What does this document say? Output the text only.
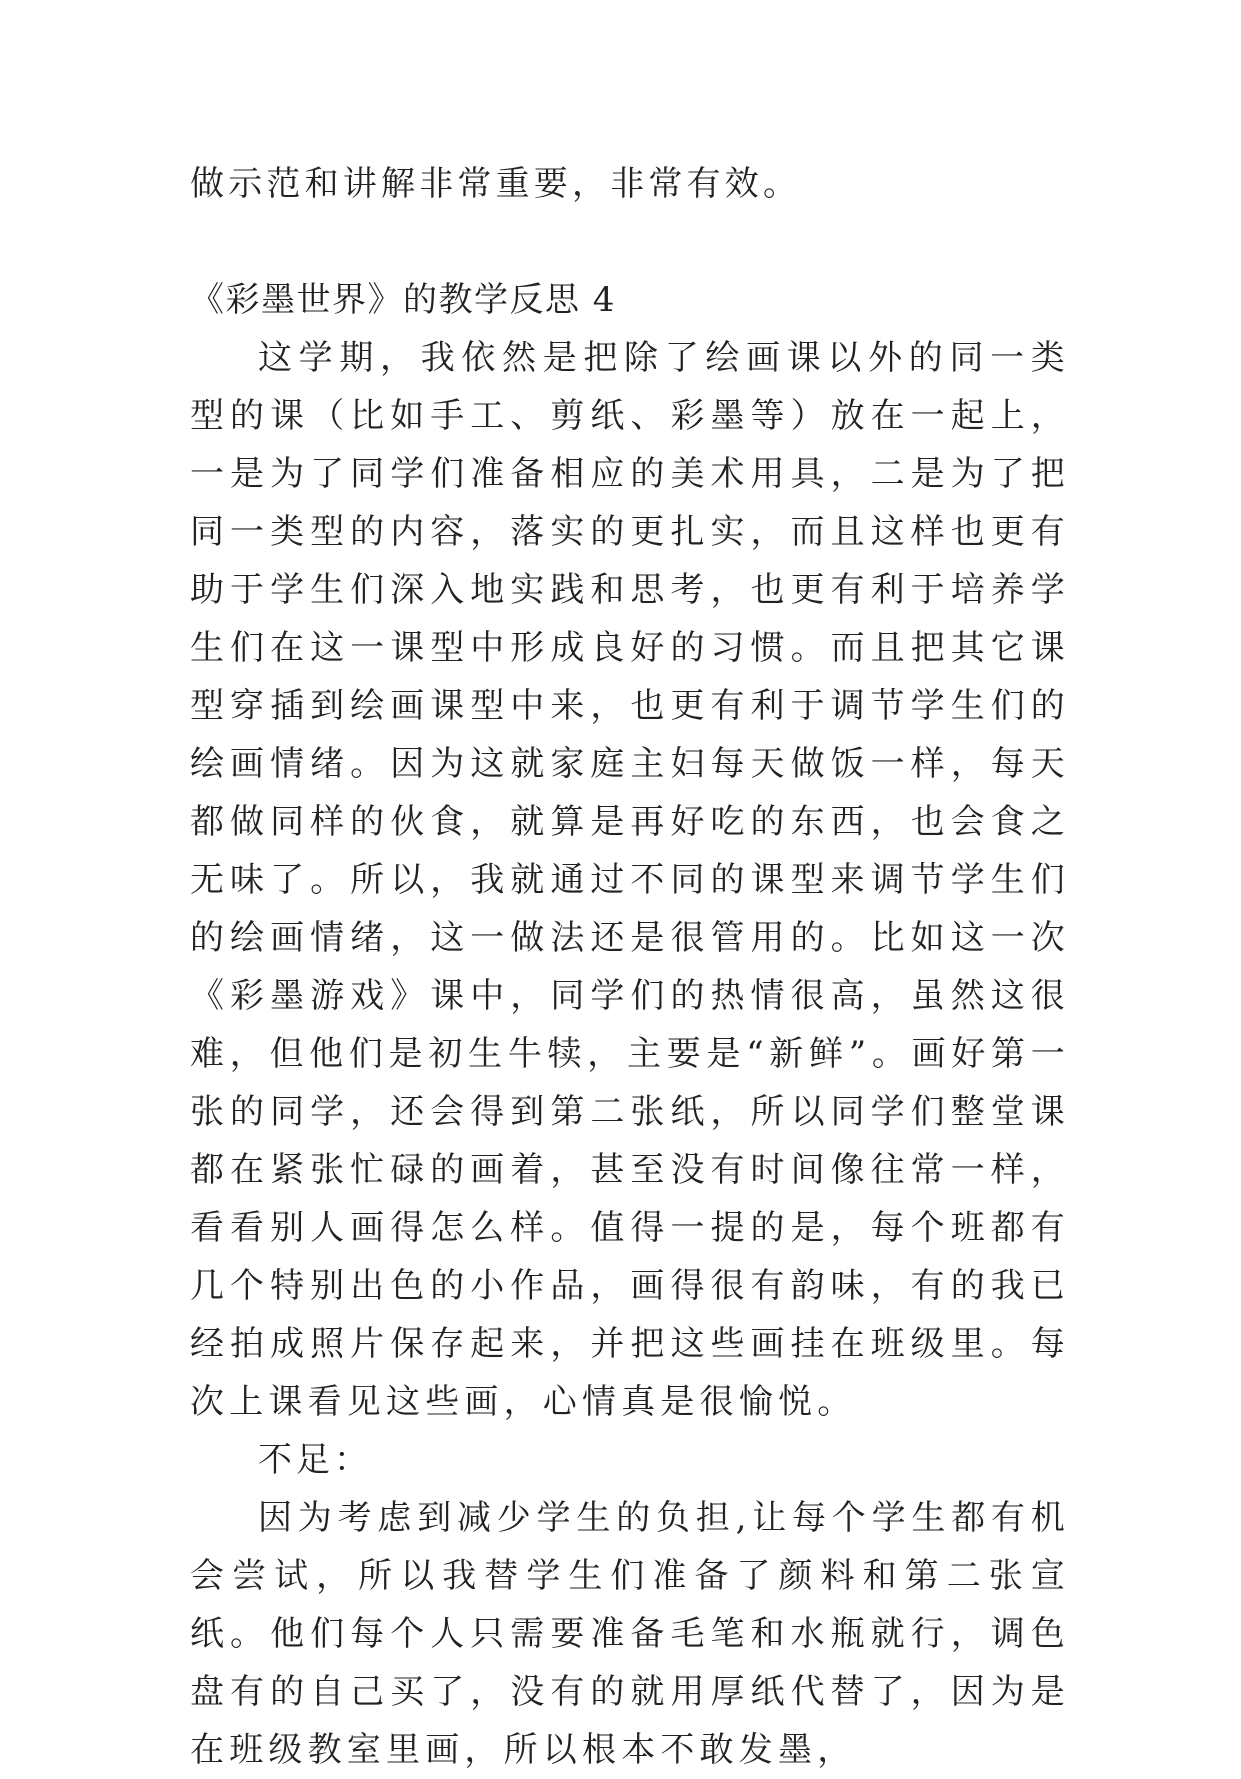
做示范和讲解非常重要，非常有效。

《彩墨世界》的教学反思 4

这学期，我依然是把除了绘画课以外的同一类型的课（比如手工、剪纸、彩墨等）放在一起上，一是为了同学们准备相应的美术用具，二是为了把同一类型的内容，落实的更扎实，而且这样也更有助于学生们深入地实践和思考，也更有利于培养学生们在这一课型中形成良好的习惯。而且把其它课型穿插到绘画课型中来，也更有利于调节学生们的绘画情绪。因为这就家庭主妇每天做饭一样，每天都做同样的伙食，就算是再好吃的东西，也会食之无味了。所以，我就通过不同的课型来调节学生们的绘画情绪，这一做法还是很管用的。比如这一次《彩墨游戏》课中，同学们的热情很高，虽然这很难，但他们是初生牛犊，主要是“新鲜”。画好第一张的同学，还会得到第二张纸，所以同学们整堂课都在紧张忙碌的画着，甚至没有时间像往常一样，看看别人画得怎么样。值得一提的是，每个班都有几个特别出色的小作品，画得很有韵味，有的我已经拍成照片保存起来，并把这些画挂在班级里。每次上课看见这些画，心情真是很愉悦。

不足：

因为考虑到减少学生的负担,让每个学生都有机会尝试，所以我替学生们准备了颜料和第二张宣纸。他们每个人只需要准备毛笔和水瓶就行，调色盘有的自己买了，没有的就用厚纸代替了，因为是在班级教室里画，所以根本不敢发墨，
